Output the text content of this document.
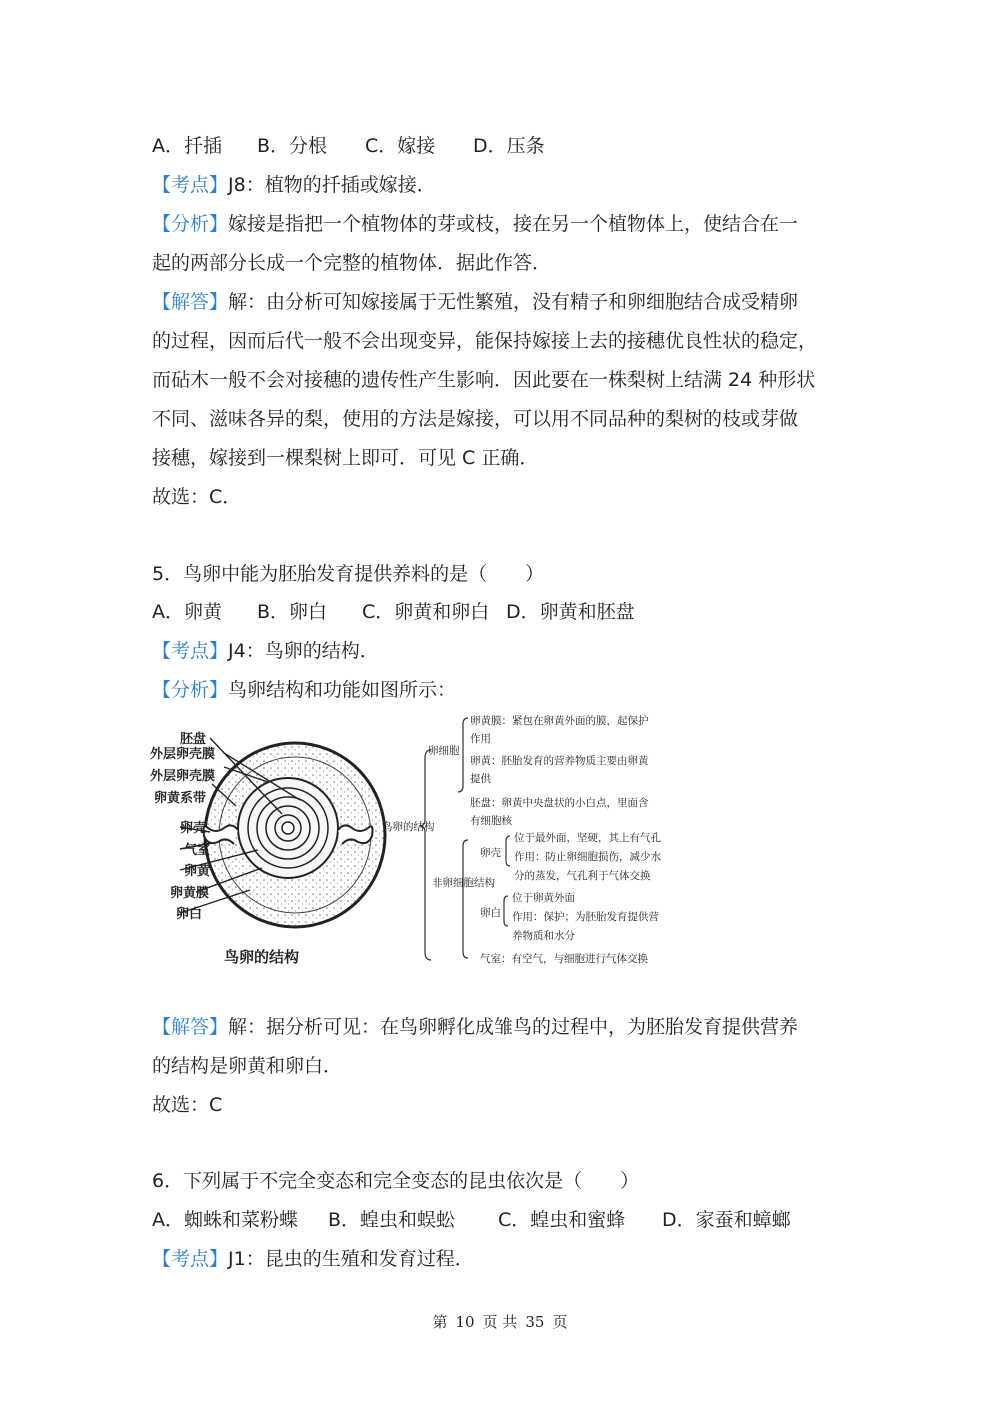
A．扦插 B．分根 C．嫁接 D．压条
【考点】J8：植物的扦插或嫁接．
【分析】嫁接是指把一个植物体的芽或枝，接在另一个植物体上，使结合在一
起的两部分长成一个完整的植物体．据此作答．
【解答】解：由分析可知嫁接属于无性繁殖，没有精子和卵细胞结合成受精卵
的过程，因而后代一般不会出现变异，能保持嫁接上去的接穗优良性状的稳定，
而砧木一般不会对接穗的遗传性产生影响．因此要在一株梨树上结满 24 种形状
不同、滋味各异的梨，使用的方法是嫁接，可以用不同品种的梨树的枝或芽做
接穗，嫁接到一棵梨树上即可．可见 C 正确．
故选：C．
5．鸟卵中能为胚胎发育提供养料的是（　　）
A．卵黄 B．卵白 C．卵黄和卵白 D．卵黄和胚盘
【考点】J4：鸟卵的结构．
【分析】鸟卵结构和功能如图所示：
胚盘
外层卵壳膜
外层卵壳膜
卵黄系带
卵壳
气室
卵黄
卵黄膜
卵白
鸟卵的结构
鸟卵的结构
卵细胞
非卵细胞结构
卵黄膜：紧包在卵黄外面的膜，起保护
作用
卵黄：胚胎发育的营养物质主要由卵黄
提供
胚盘：卵黄中央盘状的小白点，里面含
有细胞核
卵壳
位于最外面，坚硬，其上有气孔
作用：防止卵细胞损伤，减少水
分的蒸发，气孔利于气体交换
卵白
位于卵黄外面
作用：保护；为胚胎发育提供营
养物质和水分
气室：有空气，与细胞进行气体交换
【解答】解：据分析可见：在鸟卵孵化成雏鸟的过程中，为胚胎发育提供营养
的结构是卵黄和卵白．
故选：C
6．下列属于不完全变态和完全变态的昆虫依次是（　　）
A．蜘蛛和菜粉蝶 B．蝗虫和蜈蚣 C．蝗虫和蜜蜂 D．家蚕和蟑螂
【考点】J1：昆虫的生殖和发育过程．
第 10 页 共 35 页
